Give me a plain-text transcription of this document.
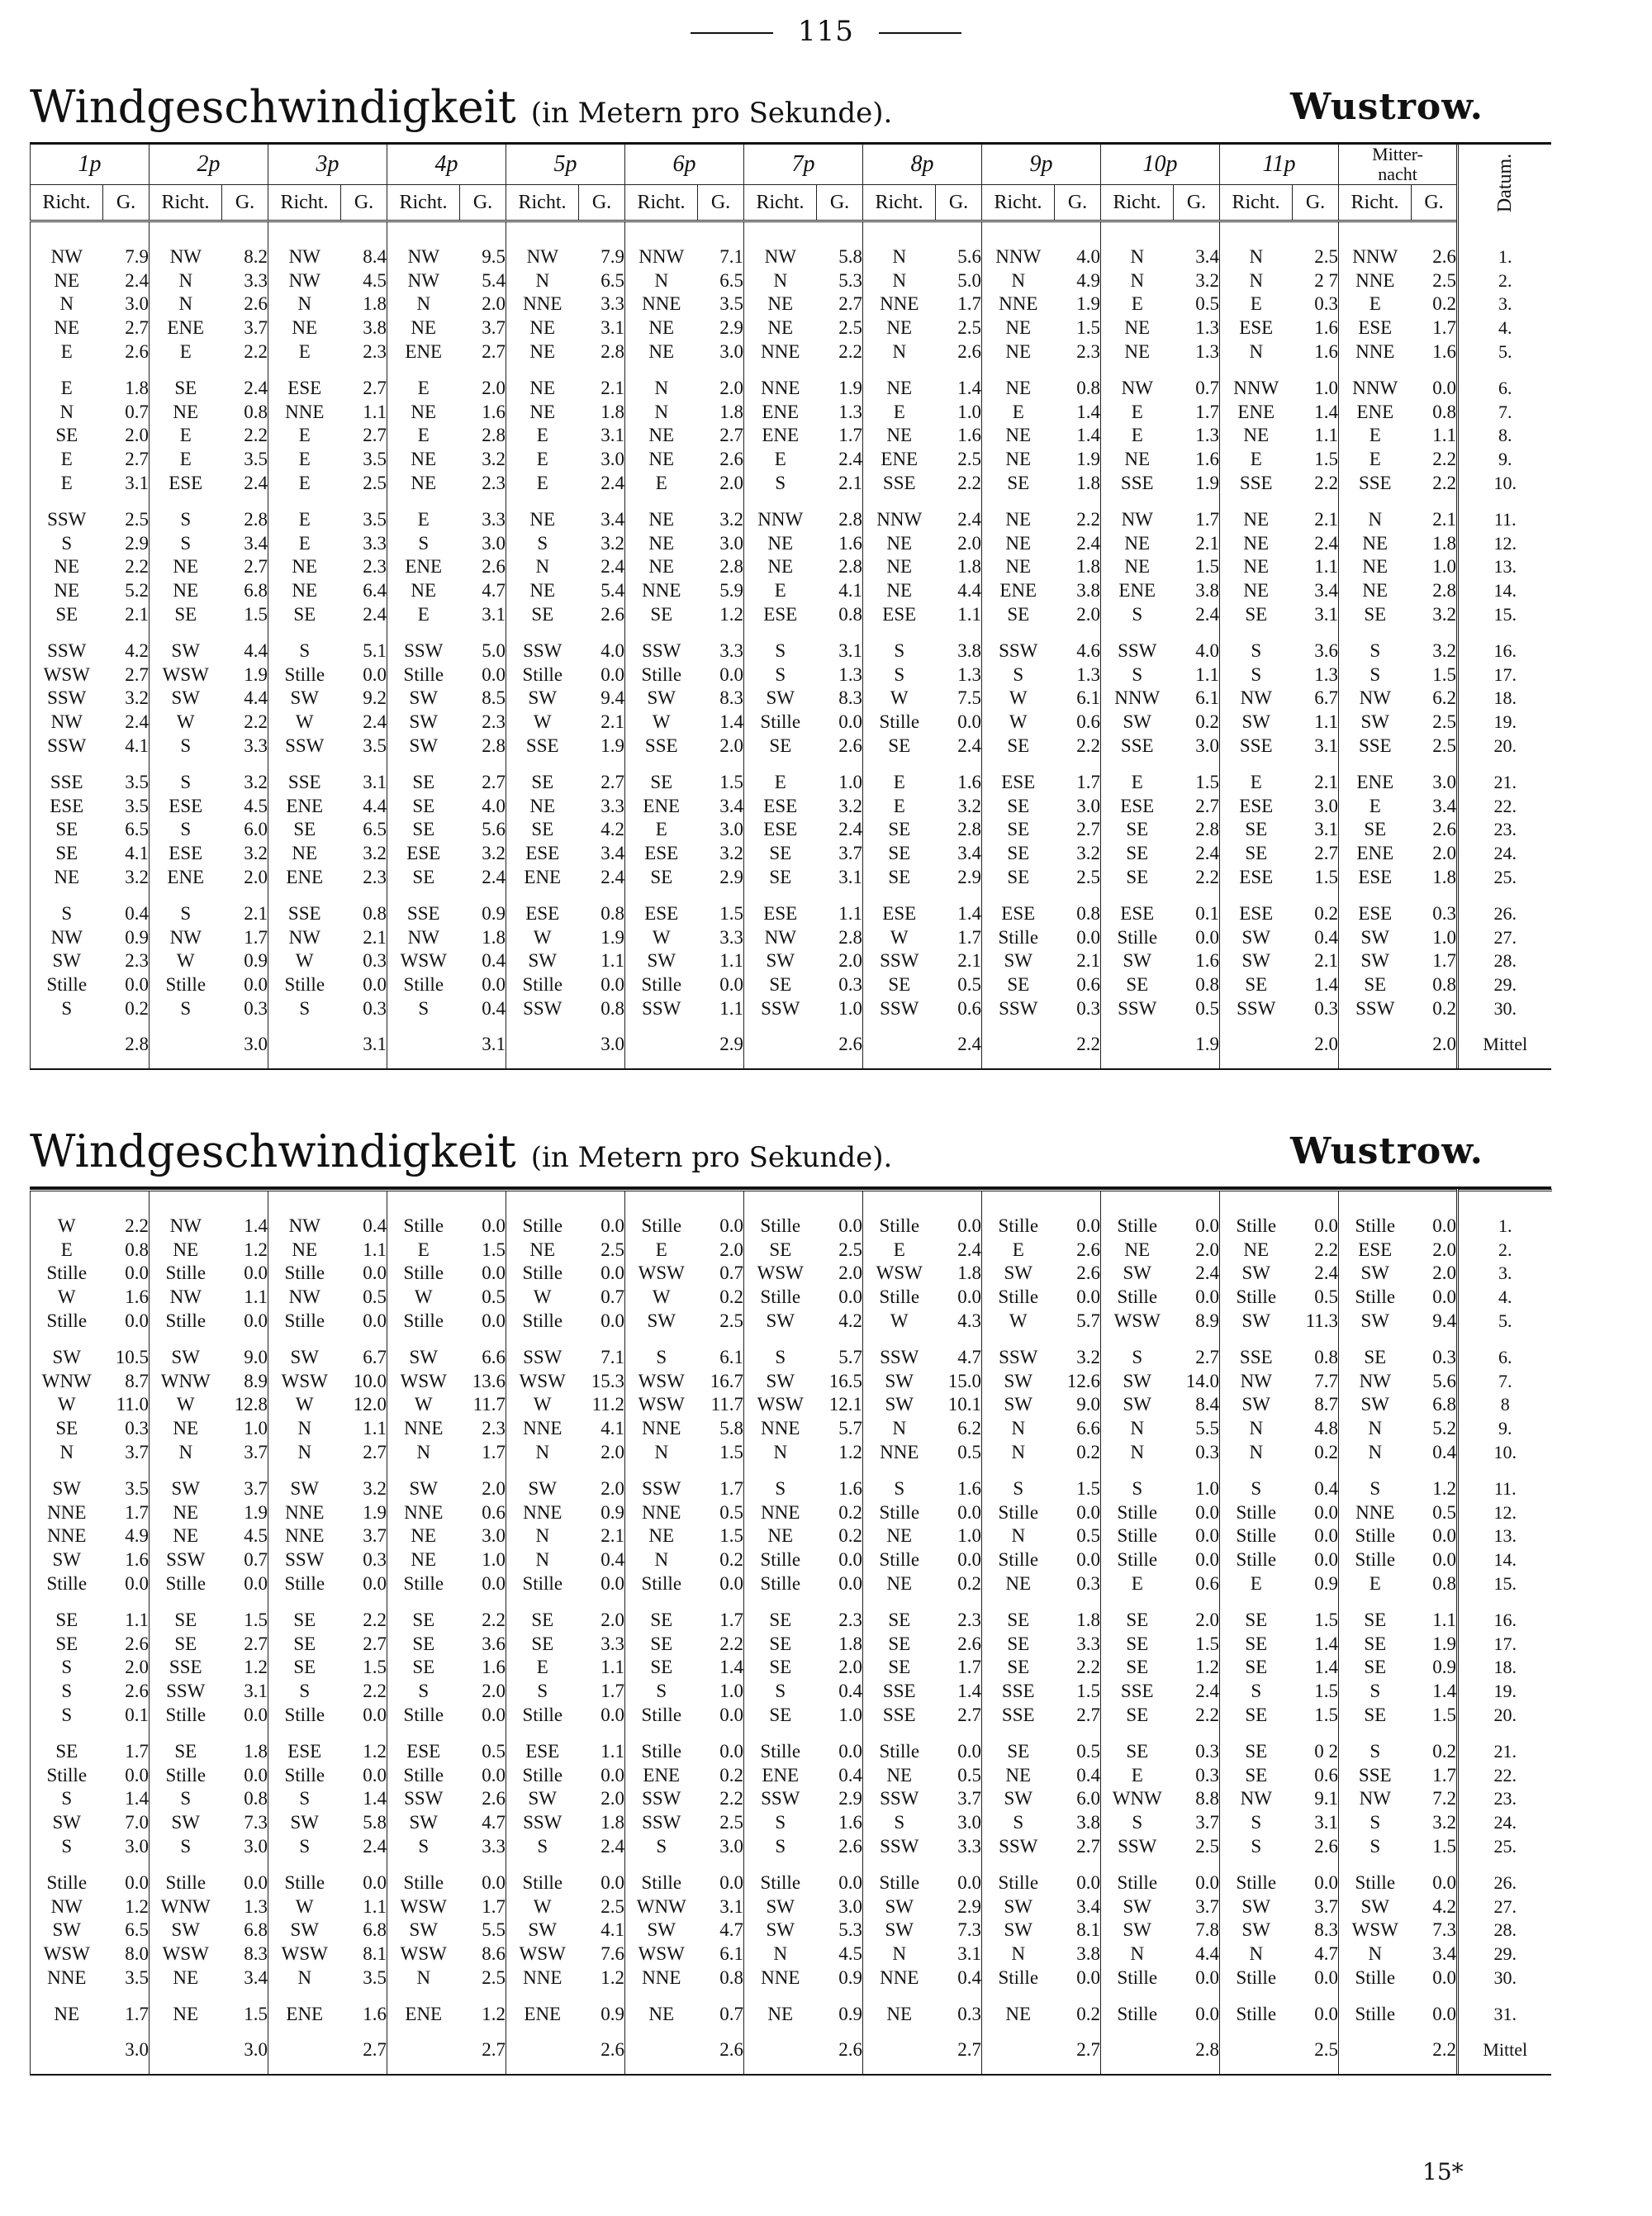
115
Windgeschwindigkeit (in Metern pro Sekunde).	Wustrow.
1p		2p		3p		4p		5p		6p		7p		8p		9p		10p		11p		Mitter-
nacht		Datum.
Richt.	G.	Richt.	G.	Richt.	G.	Richt.	G.	Richt.	G.	Richt.	G.	Richt.	G.	Richt.	G.	Richt.	G.	Richt.	G.	Richt.	G.	Richt.	G.	

NW	7.9	NW	8.2	NW	8.4	NW	9.5	NW	7.9	NNW	7.1	NW	5.8	N	5.6	NNW	4.0	N	3.4	N	2.5	NNW	2.6	1.
NE	2.4	N	3.3	NW	4.5	NW	5.4	N	6.5	N	6.5	N	5.3	N	5.0	N	4.9	N	3.2	N	2 7	NNE	2.5	2.
N	3.0	N	2.6	N	1.8	N	2.0	NNE	3.3	NNE	3.5	NE	2.7	NNE	1.7	NNE	1.9	E	0.5	E	0.3	E	0.2	3.
NE	2.7	ENE	3.7	NE	3.8	NE	3.7	NE	3.1	NE	2.9	NE	2.5	NE	2.5	NE	1.5	NE	1.3	ESE	1.6	ESE	1.7	4.
E	2.6	E	2.2	E	2.3	ENE	2.7	NE	2.8	NE	3.0	NNE	2.2	N	2.6	NE	2.3	NE	1.3	N	1.6	NNE	1.6	5.

E	1.8	SE	2.4	ESE	2.7	E	2.0	NE	2.1	N	2.0	NNE	1.9	NE	1.4	NE	0.8	NW	0.7	NNW	1.0	NNW	0.0	6.
N	0.7	NE	0.8	NNE	1.1	NE	1.6	NE	1.8	N	1.8	ENE	1.3	E	1.0	E	1.4	E	1.7	ENE	1.4	ENE	0.8	7.
SE	2.0	E	2.2	E	2.7	E	2.8	E	3.1	NE	2.7	ENE	1.7	NE	1.6	NE	1.4	E	1.3	NE	1.1	E	1.1	8.
E	2.7	E	3.5	E	3.5	NE	3.2	E	3.0	NE	2.6	E	2.4	ENE	2.5	NE	1.9	NE	1.6	E	1.5	E	2.2	9.
E	3.1	ESE	2.4	E	2.5	NE	2.3	E	2.4	E	2.0	S	2.1	SSE	2.2	SE	1.8	SSE	1.9	SSE	2.2	SSE	2.2	10.

SSW	2.5	S	2.8	E	3.5	E	3.3	NE	3.4	NE	3.2	NNW	2.8	NNW	2.4	NE	2.2	NW	1.7	NE	2.1	N	2.1	11.
S	2.9	S	3.4	E	3.3	S	3.0	S	3.2	NE	3.0	NE	1.6	NE	2.0	NE	2.4	NE	2.1	NE	2.4	NE	1.8	12.
NE	2.2	NE	2.7	NE	2.3	ENE	2.6	N	2.4	NE	2.8	NE	2.8	NE	1.8	NE	1.8	NE	1.5	NE	1.1	NE	1.0	13.
NE	5.2	NE	6.8	NE	6.4	NE	4.7	NE	5.4	NNE	5.9	E	4.1	NE	4.4	ENE	3.8	ENE	3.8	NE	3.4	NE	2.8	14.
SE	2.1	SE	1.5	SE	2.4	E	3.1	SE	2.6	SE	1.2	ESE	0.8	ESE	1.1	SE	2.0	S	2.4	SE	3.1	SE	3.2	15.

SSW	4.2	SW	4.4	S	5.1	SSW	5.0	SSW	4.0	SSW	3.3	S	3.1	S	3.8	SSW	4.6	SSW	4.0	S	3.6	S	3.2	16.
WSW	2.7	WSW	1.9	Stille	0.0	Stille	0.0	Stille	0.0	Stille	0.0	S	1.3	S	1.3	S	1.3	S	1.1	S	1.3	S	1.5	17.
SSW	3.2	SW	4.4	SW	9.2	SW	8.5	SW	9.4	SW	8.3	SW	8.3	W	7.5	W	6.1	NNW	6.1	NW	6.7	NW	6.2	18.
NW	2.4	W	2.2	W	2.4	SW	2.3	W	2.1	W	1.4	Stille	0.0	Stille	0.0	W	0.6	SW	0.2	SW	1.1	SW	2.5	19.
SSW	4.1	S	3.3	SSW	3.5	SW	2.8	SSE	1.9	SSE	2.0	SE	2.6	SE	2.4	SE	2.2	SSE	3.0	SSE	3.1	SSE	2.5	20.

SSE	3.5	S	3.2	SSE	3.1	SE	2.7	SE	2.7	SE	1.5	E	1.0	E	1.6	ESE	1.7	E	1.5	E	2.1	ENE	3.0	21.
ESE	3.5	ESE	4.5	ENE	4.4	SE	4.0	NE	3.3	ENE	3.4	ESE	3.2	E	3.2	SE	3.0	ESE	2.7	ESE	3.0	E	3.4	22.
SE	6.5	S	6.0	SE	6.5	SE	5.6	SE	4.2	E	3.0	ESE	2.4	SE	2.8	SE	2.7	SE	2.8	SE	3.1	SE	2.6	23.
SE	4.1	ESE	3.2	NE	3.2	ESE	3.2	ESE	3.4	ESE	3.2	SE	3.7	SE	3.4	SE	3.2	SE	2.4	SE	2.7	ENE	2.0	24.
NE	3.2	ENE	2.0	ENE	2.3	SE	2.4	ENE	2.4	SE	2.9	SE	3.1	SE	2.9	SE	2.5	SE	2.2	ESE	1.5	ESE	1.8	25.

S	0.4	S	2.1	SSE	0.8	SSE	0.9	ESE	0.8	ESE	1.5	ESE	1.1	ESE	1.4	ESE	0.8	ESE	0.1	ESE	0.2	ESE	0.3	26.
NW	0.9	NW	1.7	NW	2.1	NW	1.8	W	1.9	W	3.3	NW	2.8	W	1.7	Stille	0.0	Stille	0.0	SW	0.4	SW	1.0	27.
SW	2.3	W	0.9	W	0.3	WSW	0.4	SW	1.1	SW	1.1	SW	2.0	SSW	2.1	SW	2.1	SW	1.6	SW	2.1	SW	1.7	28.
Stille	0.0	Stille	0.0	Stille	0.0	Stille	0.0	Stille	0.0	Stille	0.0	SE	0.3	SE	0.5	SE	0.6	SE	0.8	SE	1.4	SE	0.8	29.
S	0.2	S	0.3	S	0.3	S	0.4	SSW	0.8	SSW	1.1	SSW	1.0	SSW	0.6	SSW	0.3	SSW	0.5	SSW	0.3	SSW	0.2	30.
	2.8		3.0		3.1		3.1		3.0		2.9		2.6		2.4		2.2		1.9		2.0		2.0	Mittel
Windgeschwindigkeit (in Metern pro Sekunde).	Wustrow.

W	2.2	NW	1.4	NW	0.4	Stille	0.0	Stille	0.0	Stille	0.0	Stille	0.0	Stille	0.0	Stille	0.0	Stille	0.0	Stille	0.0	Stille	0.0	1.
E	0.8	NE	1.2	NE	1.1	E	1.5	NE	2.5	E	2.0	SE	2.5	E	2.4	E	2.6	NE	2.0	NE	2.2	ESE	2.0	2.
Stille	0.0	Stille	0.0	Stille	0.0	Stille	0.0	Stille	0.0	WSW	0.7	WSW	2.0	WSW	1.8	SW	2.6	SW	2.4	SW	2.4	SW	2.0	3.
W	1.6	NW	1.1	NW	0.5	W	0.5	W	0.7	W	0.2	Stille	0.0	Stille	0.0	Stille	0.0	Stille	0.0	Stille	0.5	Stille	0.0	4.
Stille	0.0	Stille	0.0	Stille	0.0	Stille	0.0	Stille	0.0	SW	2.5	SW	4.2	W	4.3	W	5.7	WSW	8.9	SW	11.3	SW	9.4	5.

SW	10.5	SW	9.0	SW	6.7	SW	6.6	SSW	7.1	S	6.1	S	5.7	SSW	4.7	SSW	3.2	S	2.7	SSE	0.8	SE	0.3	6.
WNW	8.7	WNW	8.9	WSW	10.0	WSW	13.6	WSW	15.3	WSW	16.7	SW	16.5	SW	15.0	SW	12.6	SW	14.0	NW	7.7	NW	5.6	7.
W	11.0	W	12.8	W	12.0	W	11.7	W	11.2	WSW	11.7	WSW	12.1	SW	10.1	SW	9.0	SW	8.4	SW	8.7	SW	6.8	8
SE	0.3	NE	1.0	N	1.1	NNE	2.3	NNE	4.1	NNE	5.8	NNE	5.7	N	6.2	N	6.6	N	5.5	N	4.8	N	5.2	9.
N	3.7	N	3.7	N	2.7	N	1.7	N	2.0	N	1.5	N	1.2	NNE	0.5	N	0.2	N	0.3	N	0.2	N	0.4	10.

SW	3.5	SW	3.7	SW	3.2	SW	2.0	SW	2.0	SSW	1.7	S	1.6	S	1.6	S	1.5	S	1.0	S	0.4	S	1.2	11.
NNE	1.7	NE	1.9	NNE	1.9	NNE	0.6	NNE	0.9	NNE	0.5	NNE	0.2	Stille	0.0	Stille	0.0	Stille	0.0	Stille	0.0	NNE	0.5	12.
NNE	4.9	NE	4.5	NNE	3.7	NE	3.0	N	2.1	NE	1.5	NE	0.2	NE	1.0	N	0.5	Stille	0.0	Stille	0.0	Stille	0.0	13.
SW	1.6	SSW	0.7	SSW	0.3	NE	1.0	N	0.4	N	0.2	Stille	0.0	Stille	0.0	Stille	0.0	Stille	0.0	Stille	0.0	Stille	0.0	14.
Stille	0.0	Stille	0.0	Stille	0.0	Stille	0.0	Stille	0.0	Stille	0.0	Stille	0.0	NE	0.2	NE	0.3	E	0.6	E	0.9	E	0.8	15.

SE	1.1	SE	1.5	SE	2.2	SE	2.2	SE	2.0	SE	1.7	SE	2.3	SE	2.3	SE	1.8	SE	2.0	SE	1.5	SE	1.1	16.
SE	2.6	SE	2.7	SE	2.7	SE	3.6	SE	3.3	SE	2.2	SE	1.8	SE	2.6	SE	3.3	SE	1.5	SE	1.4	SE	1.9	17.
S	2.0	SSE	1.2	SE	1.5	SE	1.6	E	1.1	SE	1.4	SE	2.0	SE	1.7	SE	2.2	SE	1.2	SE	1.4	SE	0.9	18.
S	2.6	SSW	3.1	S	2.2	S	2.0	S	1.7	S	1.0	S	0.4	SSE	1.4	SSE	1.5	SSE	2.4	S	1.5	S	1.4	19.
S	0.1	Stille	0.0	Stille	0.0	Stille	0.0	Stille	0.0	Stille	0.0	SE	1.0	SSE	2.7	SSE	2.7	SE	2.2	SE	1.5	SE	1.5	20.

SE	1.7	SE	1.8	ESE	1.2	ESE	0.5	ESE	1.1	Stille	0.0	Stille	0.0	Stille	0.0	SE	0.5	SE	0.3	SE	0 2	S	0.2	21.
Stille	0.0	Stille	0.0	Stille	0.0	Stille	0.0	Stille	0.0	ENE	0.2	ENE	0.4	NE	0.5	NE	0.4	E	0.3	SE	0.6	SSE	1.7	22.
S	1.4	S	0.8	S	1.4	SSW	2.6	SW	2.0	SSW	2.2	SSW	2.9	SSW	3.7	SW	6.0	WNW	8.8	NW	9.1	NW	7.2	23.
SW	7.0	SW	7.3	SW	5.8	SW	4.7	SSW	1.8	SSW	2.5	S	1.6	S	3.0	S	3.8	S	3.7	S	3.1	S	3.2	24.
S	3.0	S	3.0	S	2.4	S	3.3	S	2.4	S	3.0	S	2.6	SSW	3.3	SSW	2.7	SSW	2.5	S	2.6	S	1.5	25.

Stille	0.0	Stille	0.0	Stille	0.0	Stille	0.0	Stille	0.0	Stille	0.0	Stille	0.0	Stille	0.0	Stille	0.0	Stille	0.0	Stille	0.0	Stille	0.0	26.
NW	1.2	WNW	1.3	W	1.1	WSW	1.7	W	2.5	WNW	3.1	SW	3.0	SW	2.9	SW	3.4	SW	3.7	SW	3.7	SW	4.2	27.
SW	6.5	SW	6.8	SW	6.8	SW	5.5	SW	4.1	SW	4.7	SW	5.3	SW	7.3	SW	8.1	SW	7.8	SW	8.3	WSW	7.3	28.
WSW	8.0	WSW	8.3	WSW	8.1	WSW	8.6	WSW	7.6	WSW	6.1	N	4.5	N	3.1	N	3.8	N	4.4	N	4.7	N	3.4	29.
NNE	3.5	NE	3.4	N	3.5	N	2.5	NNE	1.2	NNE	0.8	NNE	0.9	NNE	0.4	Stille	0.0	Stille	0.0	Stille	0.0	Stille	0.0	30.

NE	1.7	NE	1.5	ENE	1.6	ENE	1.2	ENE	0.9	NE	0.7	NE	0.9	NE	0.3	NE	0.2	Stille	0.0	Stille	0.0	Stille	0.0	31.
	3.0		3.0		2.7		2.7		2.6		2.6		2.6		2.7		2.7		2.8		2.5		2.2	Mittel
15*
